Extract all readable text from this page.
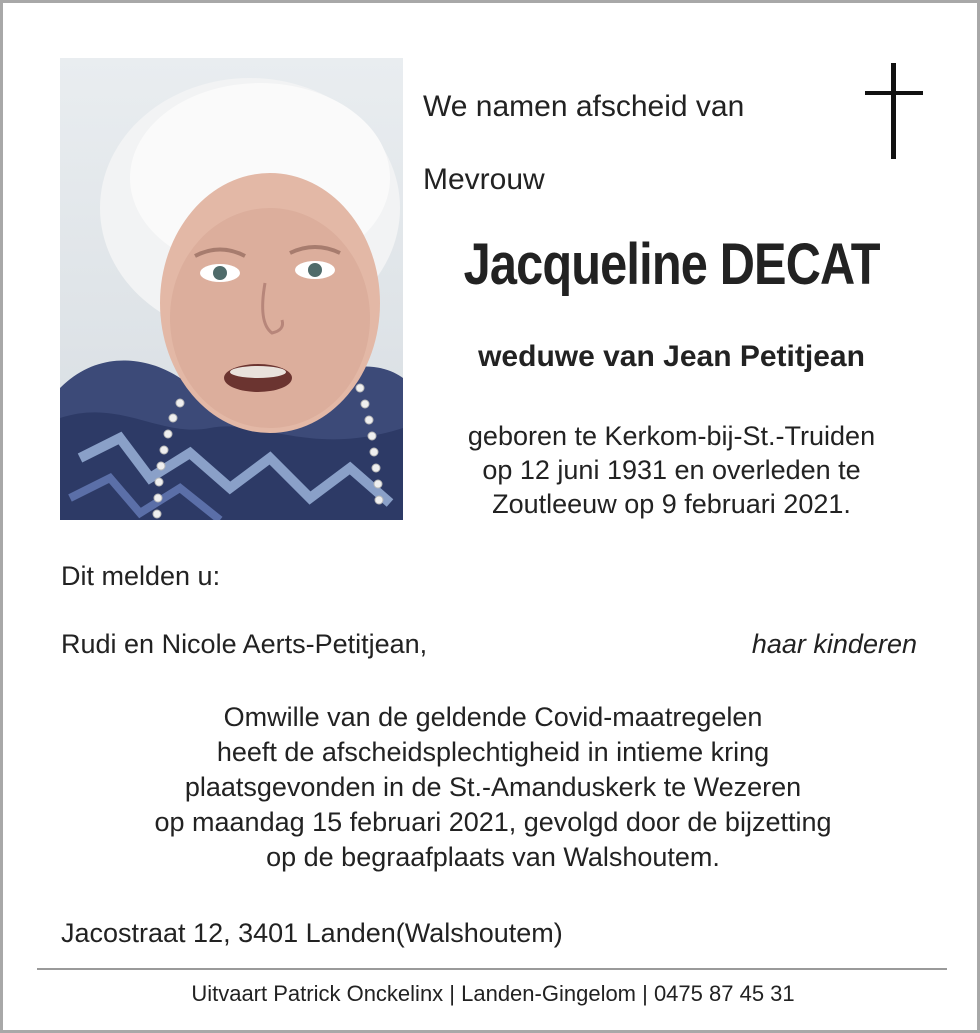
We namen afscheid van
Mevrouw
Jacqueline DECAT
weduwe van Jean Petitjean
geboren te Kerkom-bij-St.-Truiden
op 12 juni 1931 en overleden te
Zoutleeuw op 9 februari 2021.
Dit melden u:
Rudi en Nicole Aerts-Petitjean,	haar kinderen
Omwille van de geldende Covid-maatregelen
heeft de afscheidsplechtigheid in intieme kring
plaatsgevonden in de St.-Amanduskerk te Wezeren
op maandag 15 februari 2021, gevolgd door de bijzetting
op de begraafplaats van Walshoutem.
Jacostraat 12, 3401 Landen(Walshoutem)
Uitvaart Patrick Onckelinx | Landen-Gingelom | 0475 87 45 31
